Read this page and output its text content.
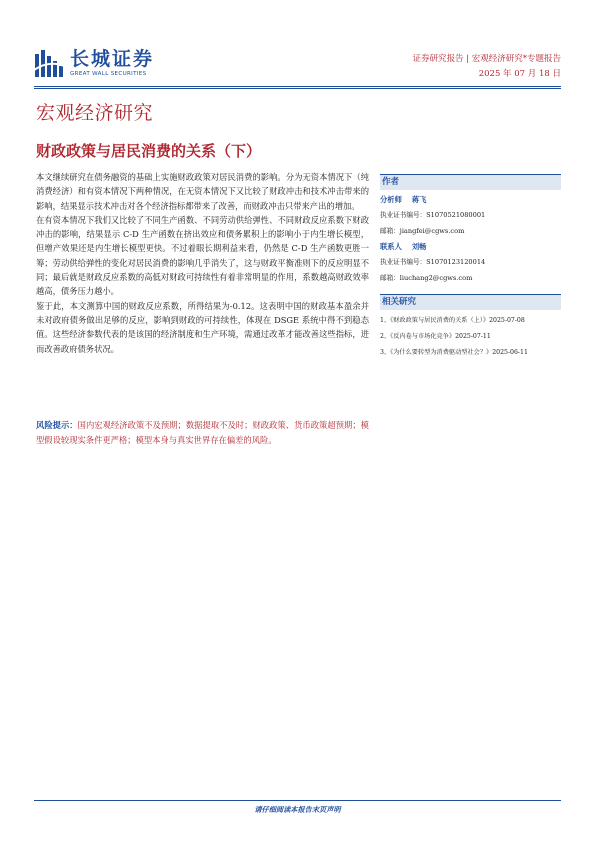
长城证券
GREAT WALL SECURITIES
证券研究报告 | 宏观经济研究*专题报告
2025 年 07 月 18 日
宏观经济研究
财政政策与居民消费的关系（下）

本文继续研究在债务融资的基础上实施财政政策对居民消费的影响。分为无资本情况下（纯消费经济）和有资本情况下两种情况，在无资本情况下又比较了财政冲击和技术冲击带来的影响，结果显示技术冲击对各个经济指标都带来了改善，而财政冲击只带来产出的增加。

在有资本情况下我们又比较了不同生产函数、不同劳动供给弹性、不同财政反应系数下财政冲击的影响，结果显示 C-D 生产函数在挤出效应和债务累积上的影响小于内生增长模型，但增产效果还是内生增长模型更快。不过着眼长期利益来看，仍然是 C-D 生产函数更胜一筹；劳动供给弹性的变化对居民消费的影响几乎消失了，这与财政平衡准则下的反应明显不同；最后就是财政反应系数的高低对财政可持续性有着非常明显的作用，系数越高财政效率越高，债务压力越小。

鉴于此，本文测算中国的财政反应系数，所得结果为-0.12。这表明中国的财政基本盈余并未对政府债务做出足够的反应，影响到财政的可持续性，体现在 DSGE 系统中得不到稳态值。这些经济参数代表的是该国的经济制度和生产环境，需通过改革才能改善这些指标，进而改善政府债务状况。

风险提示：国内宏观经济政策不及预期；数据提取不及时；财政政策、货币政策超预期；模型假设较现实条件更严格；模型本身与真实世界存在偏差的风险。
作者
分析师 蒋飞
执业证书编号：S1070521080001
邮箱：jiangfei@cgws.com
联系人 刘畅
执业证书编号：S1070123120014
邮箱：liuchang2@cgws.com
相关研究
1、《财政政策与居民消费的关系（上）》2025-07-08
2、《反内卷与市场化竞争》2025-07-11
3、《为什么要转型为消费驱动型社会？》2025-06-11
请仔细阅读本报告末页声明
